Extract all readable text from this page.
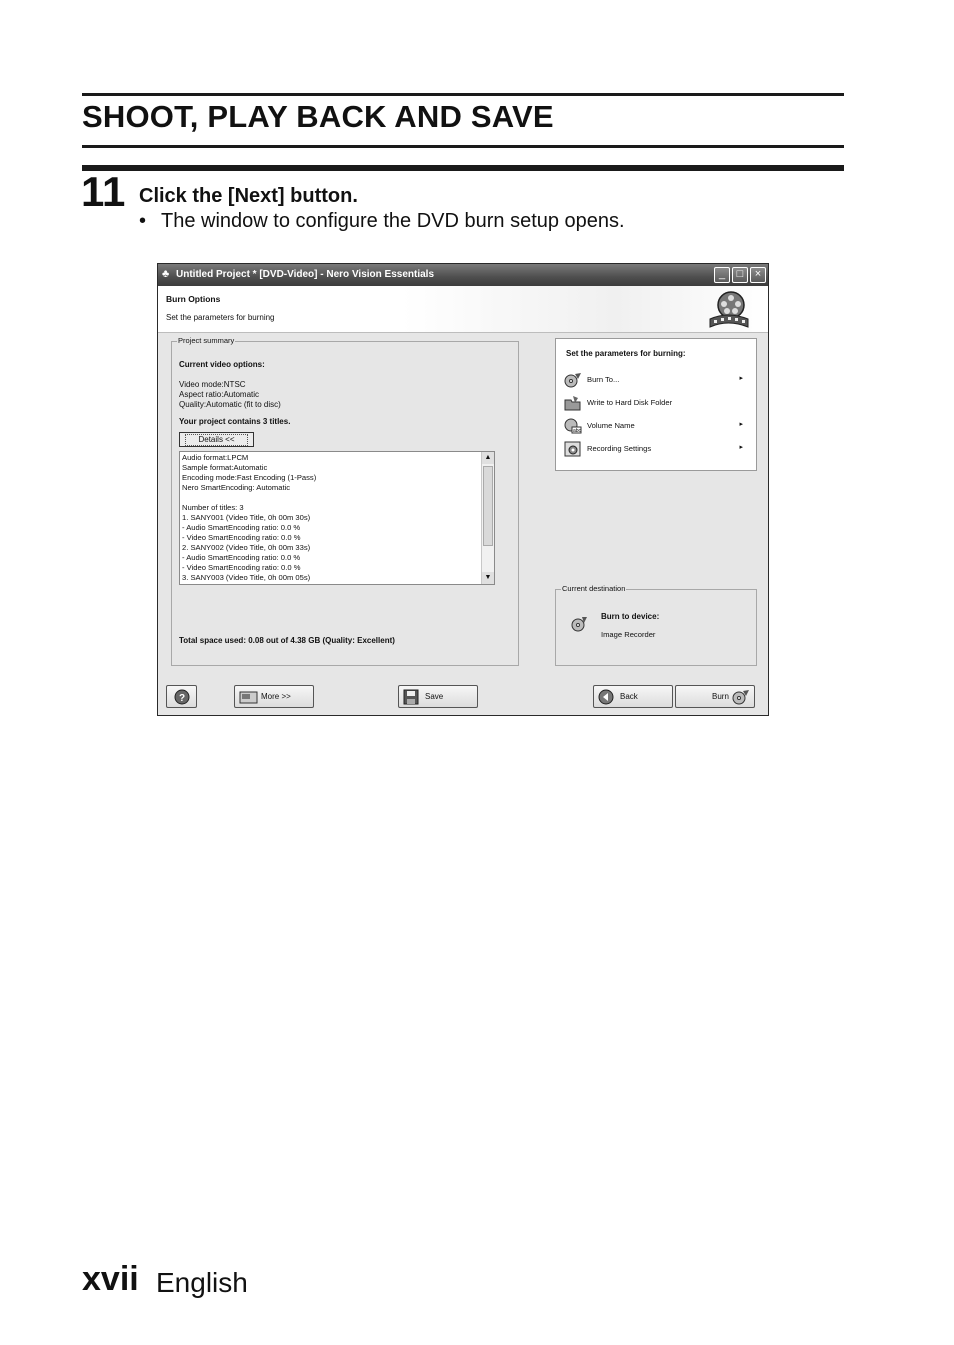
SHOOT, PLAY BACK AND SAVE
11 Click the [Next] button.
• The window to configure the DVD burn setup opens.
♣ Untitled Project * [DVD-Video] - Nero Vision Essentials	_	□	×
Burn Options
Set the parameters for burning
Project summary
Current video options:
Video mode:NTSC
Aspect ratio:Automatic
Quality:Automatic (fit to disc)
Your project contains 3 titles.
Details <<
Audio format:LPCM
Sample format:Automatic
Encoding mode:Fast Encoding (1-Pass)
Nero SmartEncoding: Automatic
Number of titles: 3
1. SANY001 (Video Title, 0h 00m 30s)
- Audio SmartEncoding ratio: 0.0 %
- Video SmartEncoding ratio: 0.0 %
2. SANY002 (Video Title, 0h 00m 33s)
- Audio SmartEncoding ratio: 0.0 %
- Video SmartEncoding ratio: 0.0 %
3. SANY003 (Video Title, 0h 00m 05s)
▲
▼
Total space used: 0.08 out of 4.38 GB (Quality: Excellent)
Set the parameters for burning:
Burn To...	▸
Write to Hard Disk Folder
abc
Volume Name	▸
Recording Settings	▸
Current destination
Burn to device:
Image Recorder
?	More >>	Save	Back	Burn
xvii English
